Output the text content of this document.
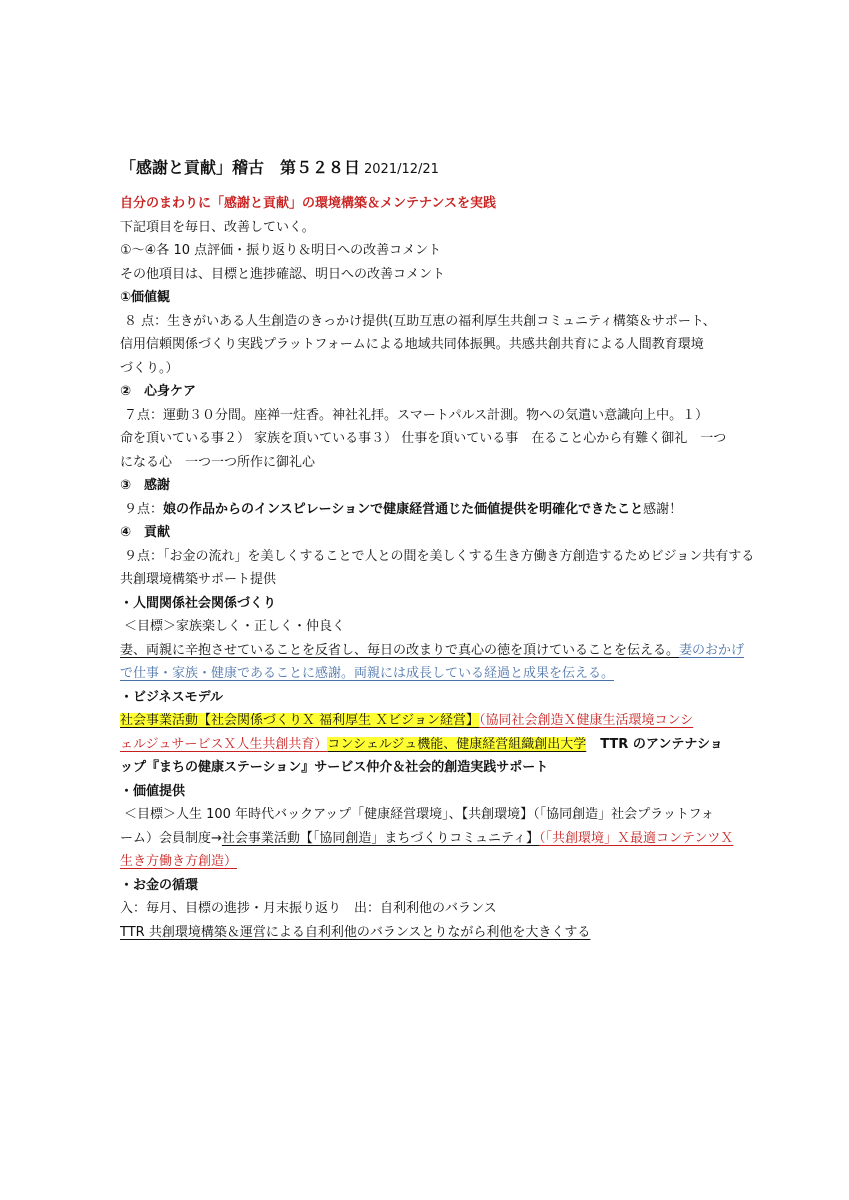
「感謝と貢献」稽古　第５２８日 2021/12/21
自分のまわりに「感謝と貢献」の環境構築＆メンテナンスを実践
下記項目を毎日、改善していく。
①～④各 10 点評価・振り返り＆明日への改善コメント
その他項目は、目標と進捗確認、明日への改善コメント
①価値観
８ 点：生きがいある人生創造のきっかけ提供(互助互恵の福利厚生共創コミュニティ構築＆サポート、
信用信頼関係づくり実践プラットフォームによる地域共同体振興。共感共創共育による人間教育環境
づくり。）
②　心身ケア
７点：運動３０分間。座禅一炷香。神社礼拝。スマートパルス計測。物への気遣い意識向上中。１）
命を頂いている事２） 家族を頂いている事３） 仕事を頂いている事　在ること心から有難く御礼　一つ
になる心　一つ一つ所作に御礼心
③　感謝
９点：娘の作品からのインスピレーションで健康経営通じた価値提供を明確化できたこと感謝！
④　貢献
９点：「お金の流れ」を美しくすることで人との間を美しくする生き方働き方創造するためビジョン共有する
共創環境構築サポート提供
・人間関係社会関係づくり
＜目標＞家族楽しく・正しく・仲良く
妻、両親に辛抱させていることを反省し、毎日の改まりで真心の徳を頂けていることを伝える。妻のおかげ
で仕事・家族・健康であることに感謝。両親には成長している経過と成果を伝える。
・ビジネスモデル
社会事業活動【社会関係づくりＸ 福利厚生 Ｘビジョン経営】（協同社会創造Ｘ健康生活環境コンシ
ェルジュサービスＸ人生共創共育）コンシェルジュ機能、健康経営組織創出大学 TTR のアンテナショ
ップ『まちの健康ステーション』サービス仲介＆社会的創造実践サポート
・価値提供
＜目標＞人生 100 年時代バックアップ「健康経営環境」、【共創環境】（「協同創造」社会プラットフォ
ーム）会員制度→社会事業活動【「協同創造」まちづくりコミュニティ】（「共創環境」Ｘ最適コンテンツＸ
生き方働き方創造）
・お金の循環
入：毎月、目標の進捗・月末振り返り　出：自利利他のバランス
TTR 共創環境構築＆運営による自利利他のバランスとりながら利他を大きくする
